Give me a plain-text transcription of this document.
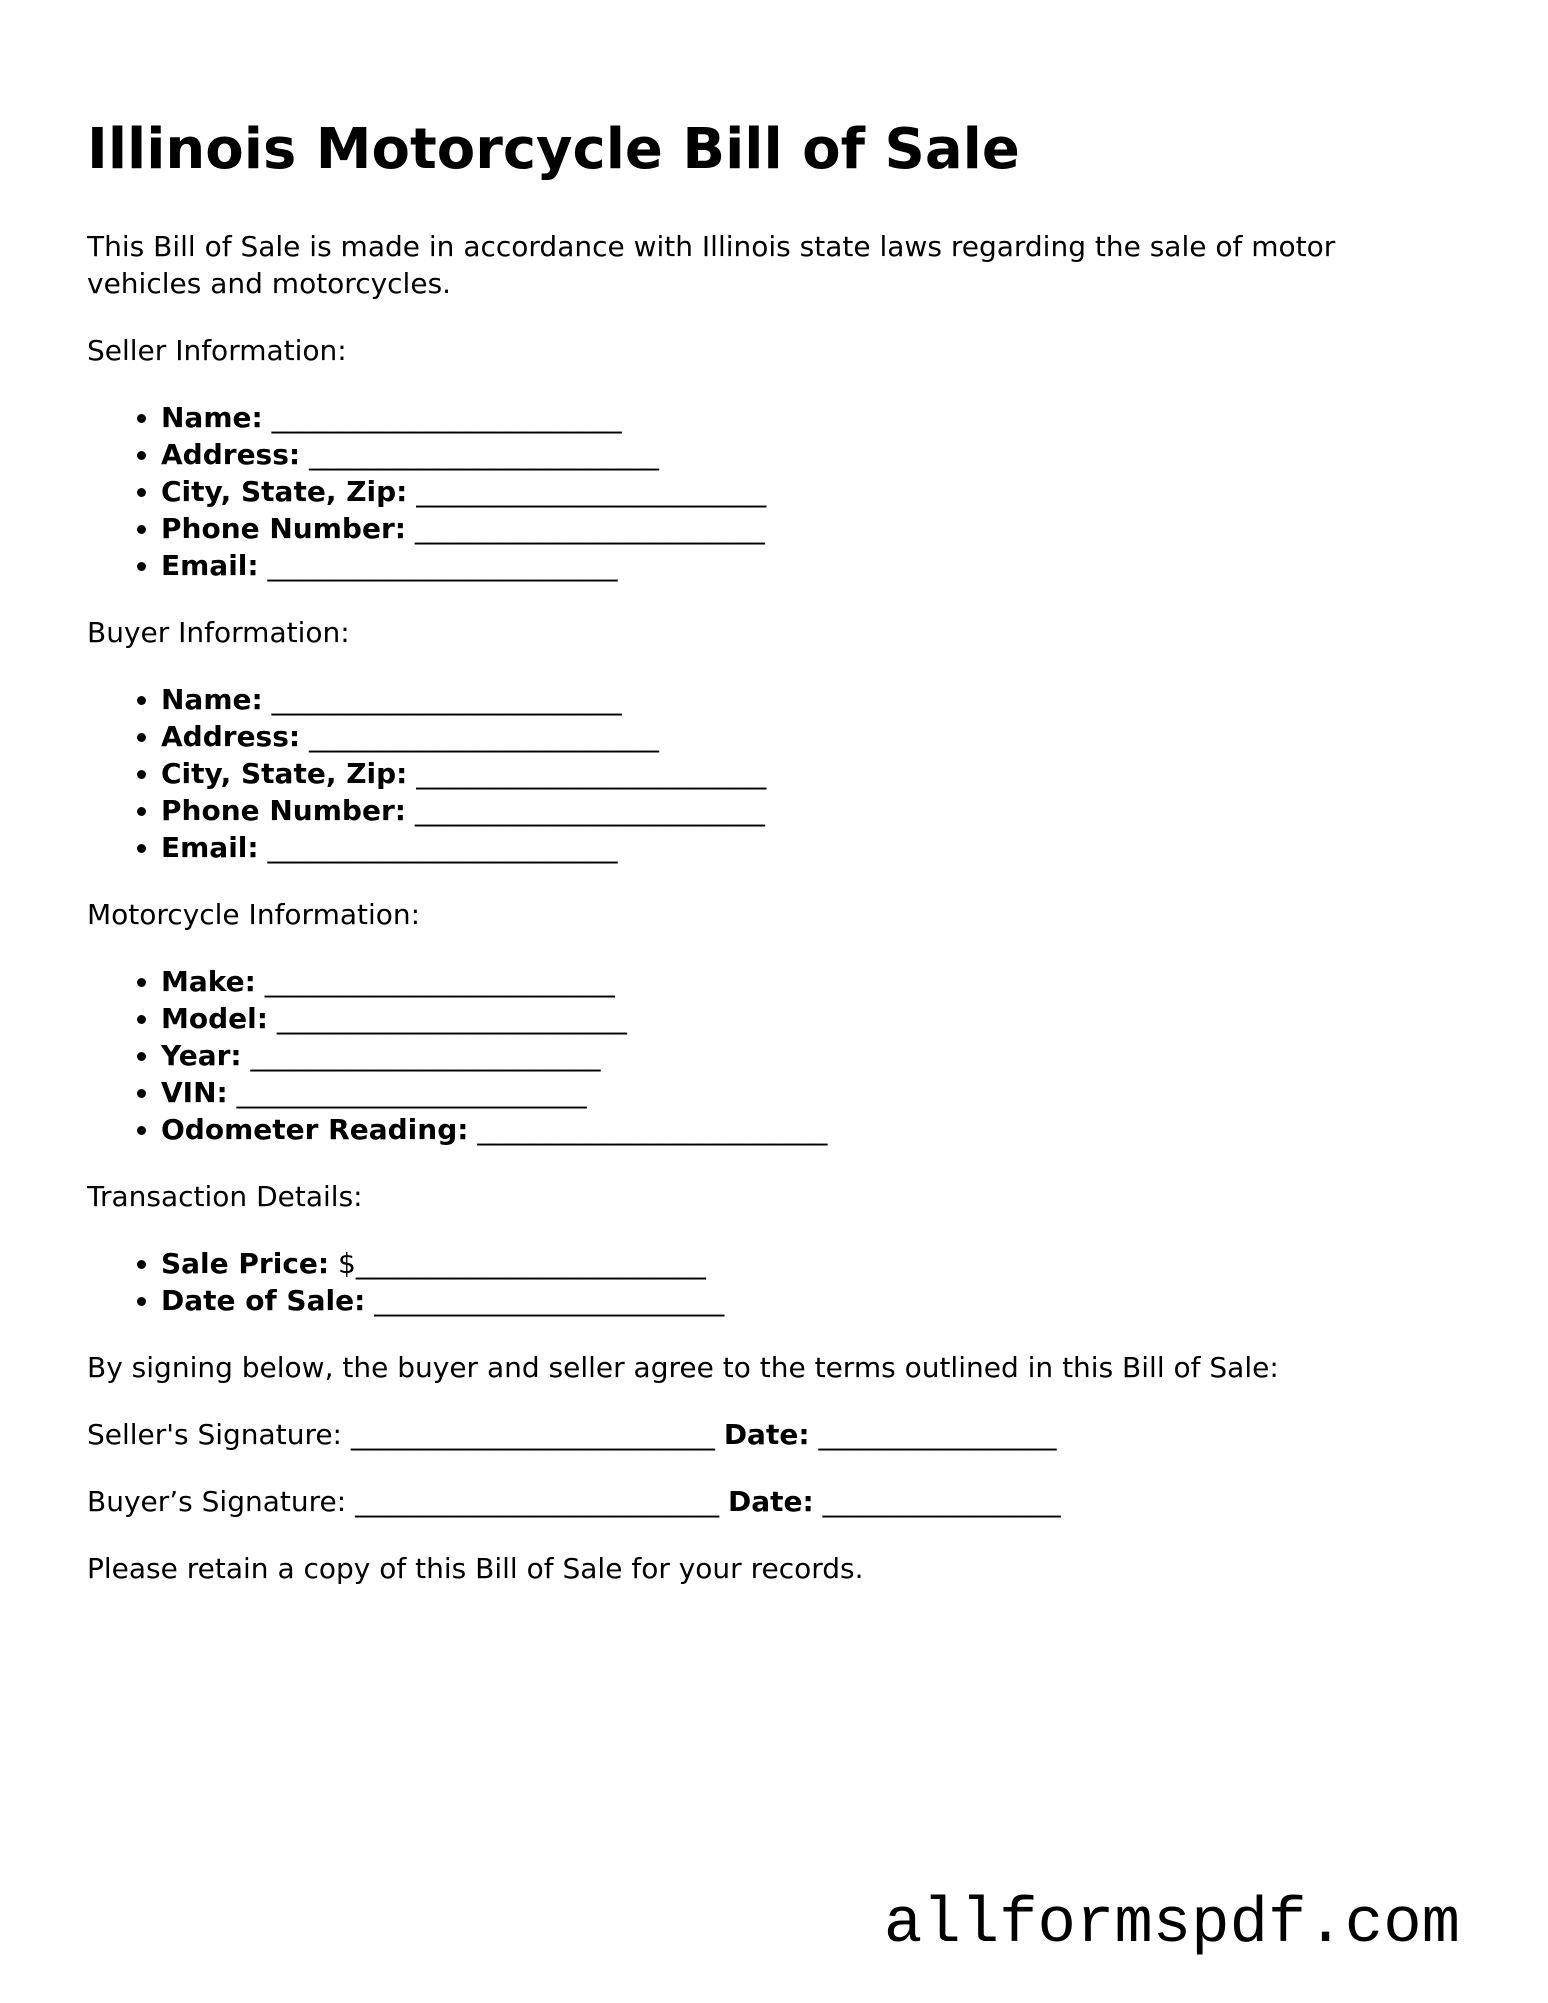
Illinois Motorcycle Bill of Sale

This Bill of Sale is made in accordance with Illinois state laws regarding the sale of motor
vehicles and motorcycles.

Seller Information:

• Name: _________________________
• Address: _________________________
• City, State, Zip: _________________________
• Phone Number: _________________________
• Email: _________________________

Buyer Information:

• Name: _________________________
• Address: _________________________
• City, State, Zip: _________________________
• Phone Number: _________________________
• Email: _________________________

Motorcycle Information:

• Make: _________________________
• Model: _________________________
• Year: _________________________
• VIN: _________________________
• Odometer Reading: _________________________

Transaction Details:

• Sale Price: $_________________________
• Date of Sale: _________________________

By signing below, the buyer and seller agree to the terms outlined in this Bill of Sale:

Seller's Signature: __________________________ Date: _________________

Buyer’s Signature: __________________________ Date: _________________

Please retain a copy of this Bill of Sale for your records.

allformspdf.com
